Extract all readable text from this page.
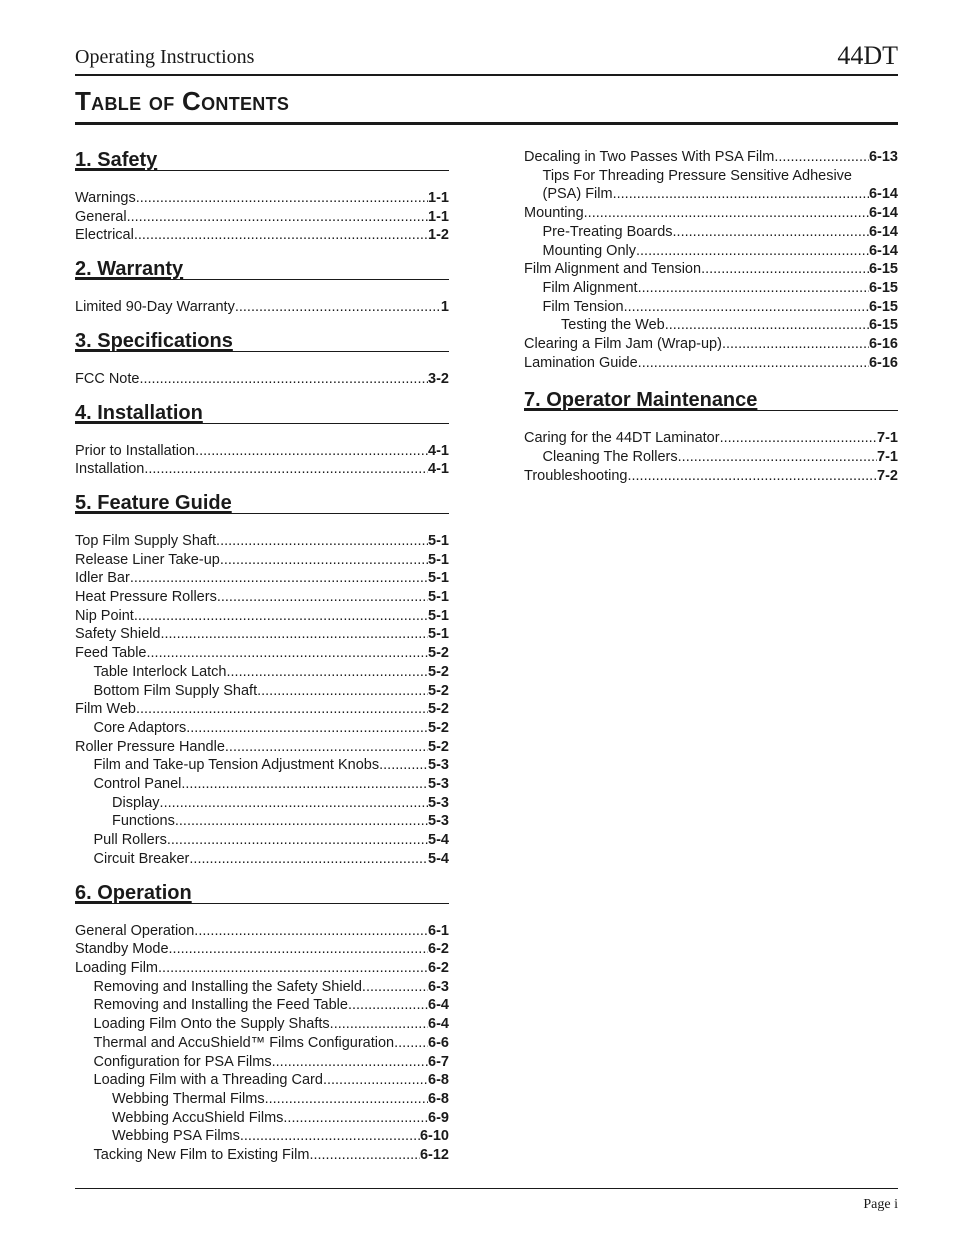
Operating Instructions	44DT
Table of Contents
1. Safety
Warnings .....	1-1
General .....	1-1
Electrical .....	1-2
2. Warranty
Limited 90-Day Warranty .....	1
3. Specifications
FCC Note .....	3-2
4. Installation
Prior to Installation .....	4-1
Installation .....	4-1
5. Feature Guide
Top Film Supply Shaft .....	5-1
Release Liner Take-up .....	5-1
Idler Bar .....	5-1
Heat Pressure Rollers .....	5-1
Nip Point .....	5-1
Safety Shield .....	5-1
Feed Table .....	5-2
Table Interlock Latch .....	5-2
Bottom Film Supply Shaft .....	5-2
Film Web .....	5-2
Core Adaptors .....	5-2
Roller Pressure Handle .....	5-2
Film and Take-up Tension Adjustment Knobs .....	5-3
Control Panel .....	5-3
Display .....	5-3
Functions .....	5-3
Pull Rollers .....	5-4
Circuit Breaker .....	5-4
6. Operation
General Operation .....	6-1
Standby Mode .....	6-2
Loading Film .....	6-2
Removing and Installing the Safety Shield .....	6-3
Removing and Installing the Feed Table .....	6-4
Loading Film Onto the Supply Shafts .....	6-4
Thermal and AccuShield™ Films Configuration ..... 6-6
Configuration for PSA Films .....	6-7
Loading Film with a Threading Card .....	6-8
Webbing Thermal Films .....	6-8
Webbing AccuShield Films .....	6-9
Webbing PSA Films .....	6-10
Tacking New Film to Existing Film .....	6-12
Decaling in Two Passes With PSA Film .....	6-13
Tips For Threading Pressure Sensitive Adhesive
(PSA) Film .....	6-14
Mounting .....	6-14
Pre-Treating Boards .....	6-14
Mounting Only .....	6-14
Film Alignment and Tension .....	6-15
Film Alignment .....	6-15
Film Tension .....	6-15
Testing the Web .....	6-15
Clearing a Film Jam (Wrap-up) .....	6-16
Lamination Guide .....	6-16
7. Operator Maintenance
Caring for the 44DT Laminator .....	7-1
Cleaning The Rollers .....	7-1
Troubleshooting .....	7-2
Page i
